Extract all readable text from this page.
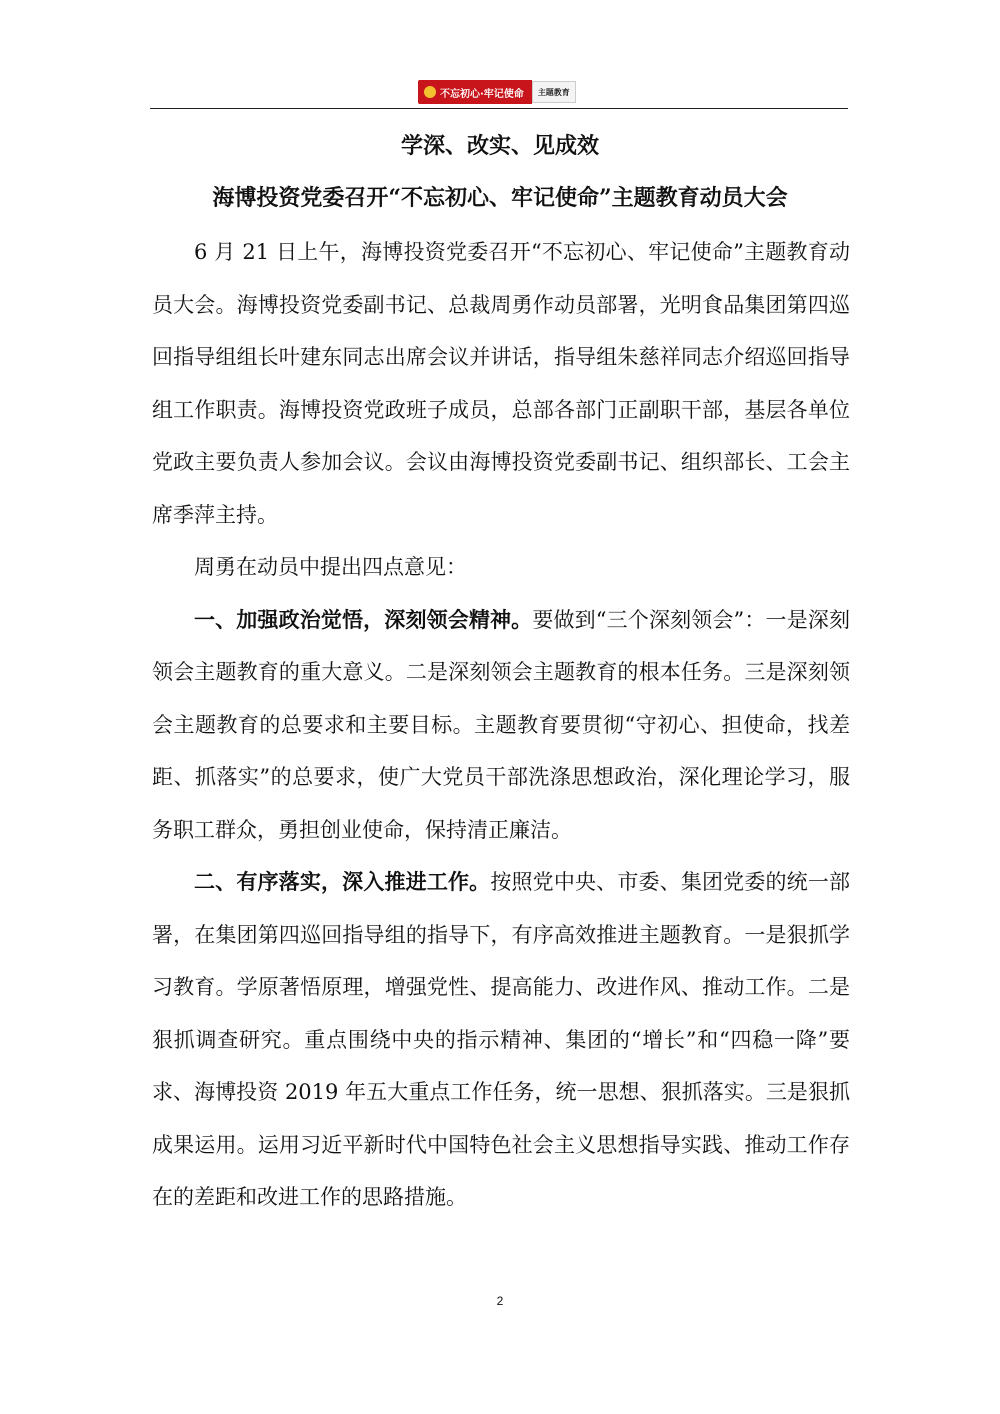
不忘初心·牢记使命	主题教育
学深、改实、见成效
海博投资党委召开“不忘初心、牢记使命”主题教育动员大会

6 月 21 日上午，海博投资党委召开“不忘初心、牢记使命”主题教育动员大会。海博投资党委副书记、总裁周勇作动员部署，光明食品集团第四巡回指导组组长叶建东同志出席会议并讲话，指导组朱慈祥同志介绍巡回指导组工作职责。海博投资党政班子成员，总部各部门正副职干部，基层各单位党政主要负责人参加会议。会议由海博投资党委副书记、组织部长、工会主席季萍主持。

周勇在动员中提出四点意见：

一、加强政治觉悟，深刻领会精神。要做到“三个深刻领会”：一是深刻领会主题教育的重大意义。二是深刻领会主题教育的根本任务。三是深刻领会主题教育的总要求和主要目标。主题教育要贯彻“守初心、担使命，找差距、抓落实”的总要求，使广大党员干部洗涤思想政治，深化理论学习，服务职工群众，勇担创业使命，保持清正廉洁。

二、有序落实，深入推进工作。按照党中央、市委、集团党委的统一部署，在集团第四巡回指导组的指导下，有序高效推进主题教育。一是狠抓学习教育。学原著悟原理，增强党性、提高能力、改进作风、推动工作。二是狠抓调查研究。重点围绕中央的指示精神、集团的“增长”和“四稳一降”要求、海博投资 2019 年五大重点工作任务，统一思想、狠抓落实。三是狠抓成果运用。运用习近平新时代中国特色社会主义思想指导实践、推动工作存在的差距和改进工作的思路措施。

2
